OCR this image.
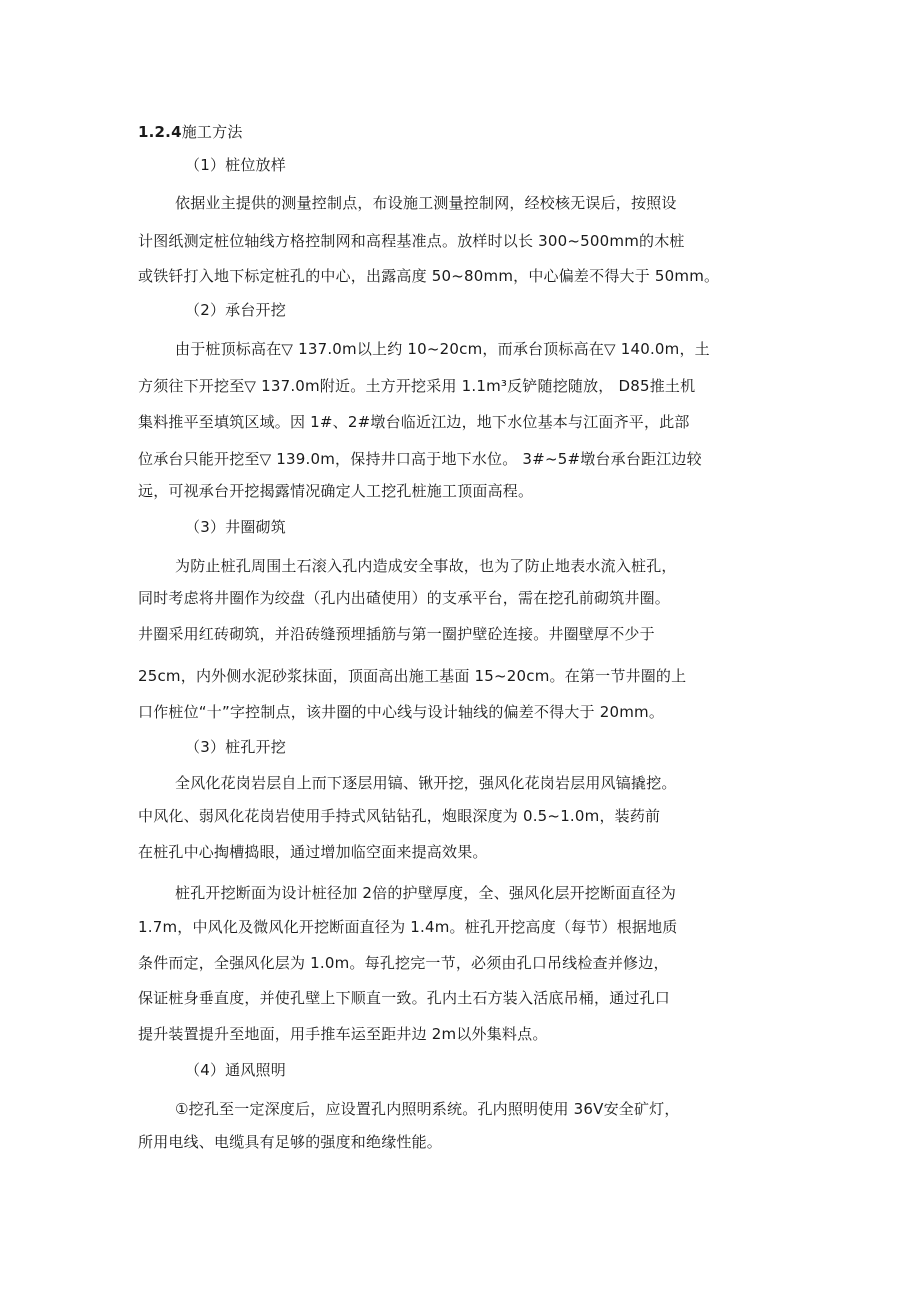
1.2.4施工方法
（1）桩位放样
依据业主提供的测量控制点，布设施工测量控制网，经校核无误后，按照设
计图纸测定桩位轴线方格控制网和高程基准点。放样时以长 300~500mm的木桩
或铁钎打入地下标定桩孔的中心，出露高度 50~80mm，中心偏差不得大于 50mm。
（2）承台开挖
由于桩顶标高在▽ 137.0m以上约 10~20cm，而承台顶标高在▽ 140.0m，土
方须往下开挖至▽ 137.0m附近。土方开挖采用 1.1m³反铲随挖随放， D85推土机
集料推平至填筑区域。因 1#、2#墩台临近江边，地下水位基本与江面齐平，此部
位承台只能开挖至▽ 139.0m，保持井口高于地下水位。 3#~5#墩台承台距江边较
远，可视承台开挖揭露情况确定人工挖孔桩施工顶面高程。
（3）井圈砌筑
为防止桩孔周围土石滚入孔内造成安全事故，也为了防止地表水流入桩孔，
同时考虑将井圈作为绞盘（孔内出碴使用）的支承平台，需在挖孔前砌筑井圈。
井圈采用红砖砌筑，并沿砖缝预埋插筋与第一圈护壁砼连接。井圈壁厚不少于
25cm，内外侧水泥砂浆抹面，顶面高出施工基面 15~20cm。在第一节井圈的上
口作桩位“十”字控制点，该井圈的中心线与设计轴线的偏差不得大于 20mm。
（3）桩孔开挖
全风化花岗岩层自上而下逐层用镐、锹开挖，强风化花岗岩层用风镐撬挖。
中风化、弱风化花岗岩使用手持式风钻钻孔，炮眼深度为 0.5~1.0m，装药前
在桩孔中心掏槽捣眼，通过增加临空面来提高效果。
桩孔开挖断面为设计桩径加 2倍的护壁厚度，全、强风化层开挖断面直径为
1.7m，中风化及微风化开挖断面直径为 1.4m。桩孔开挖高度（每节）根据地质
条件而定，全强风化层为 1.0m。每孔挖完一节，必须由孔口吊线检查并修边，
保证桩身垂直度，并使孔壁上下顺直一致。孔内土石方装入活底吊桶，通过孔口
提升装置提升至地面，用手推车运至距井边 2m以外集料点。
（4）通风照明
①挖孔至一定深度后，应设置孔内照明系统。孔内照明使用 36V安全矿灯，
所用电线、电缆具有足够的强度和绝缘性能。
